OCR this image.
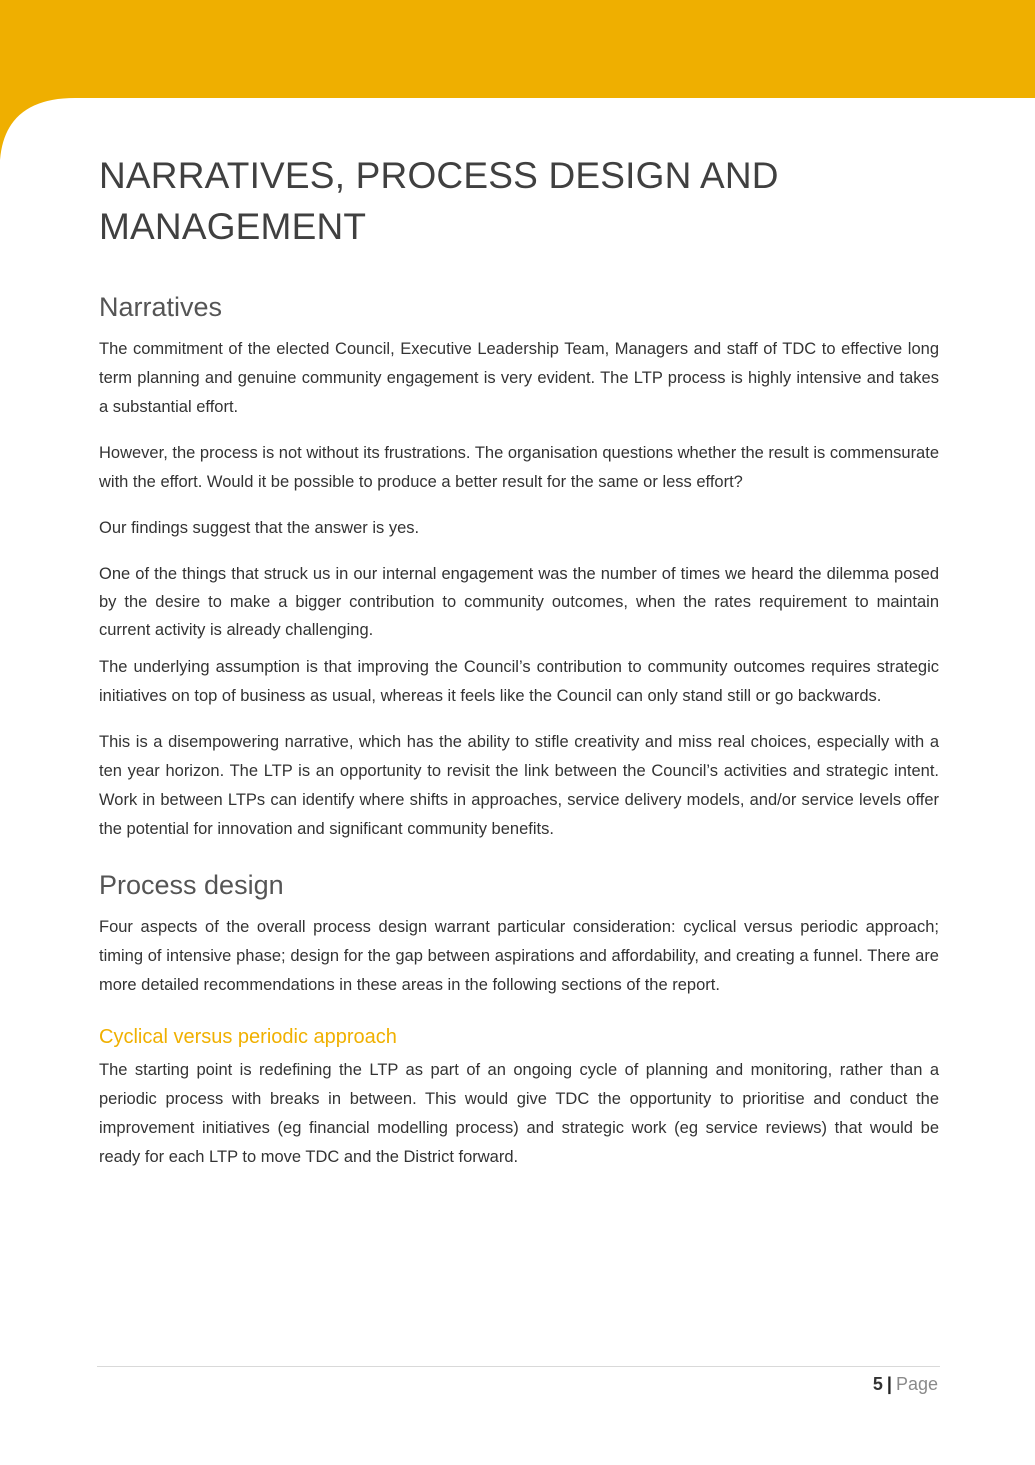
NARRATIVES, PROCESS DESIGN AND MANAGEMENT
Narratives

The commitment of the elected Council, Executive Leadership Team, Managers and staff of TDC to effective long term planning and genuine community engagement is very evident. The LTP process is highly intensive and takes a substantial effort.

However, the process is not without its frustrations. The organisation questions whether the result is commensurate with the effort. Would it be possible to produce a better result for the same or less effort?

Our findings suggest that the answer is yes.

One of the things that struck us in our internal engagement was the number of times we heard the dilemma posed by the desire to make a bigger contribution to community outcomes, when the rates requirement to maintain current activity is already challenging.

The underlying assumption is that improving the Council’s contribution to community outcomes requires strategic initiatives on top of business as usual, whereas it feels like the Council can only stand still or go backwards.

This is a disempowering narrative, which has the ability to stifle creativity and miss real choices, especially with a ten year horizon. The LTP is an opportunity to revisit the link between the Council’s activities and strategic intent. Work in between LTPs can identify where shifts in approaches, service delivery models, and/or service levels offer the potential for innovation and significant community benefits.

Process design

Four aspects of the overall process design warrant particular consideration: cyclical versus periodic approach; timing of intensive phase; design for the gap between aspirations and affordability, and creating a funnel. There are more detailed recommendations in these areas in the following sections of the report.

Cyclical versus periodic approach

The starting point is redefining the LTP as part of an ongoing cycle of planning and monitoring, rather than a periodic process with breaks in between. This would give TDC the opportunity to prioritise and conduct the improvement initiatives (eg financial modelling process) and strategic work (eg service reviews) that would be ready for each LTP to move TDC and the District forward.

5 | Page
